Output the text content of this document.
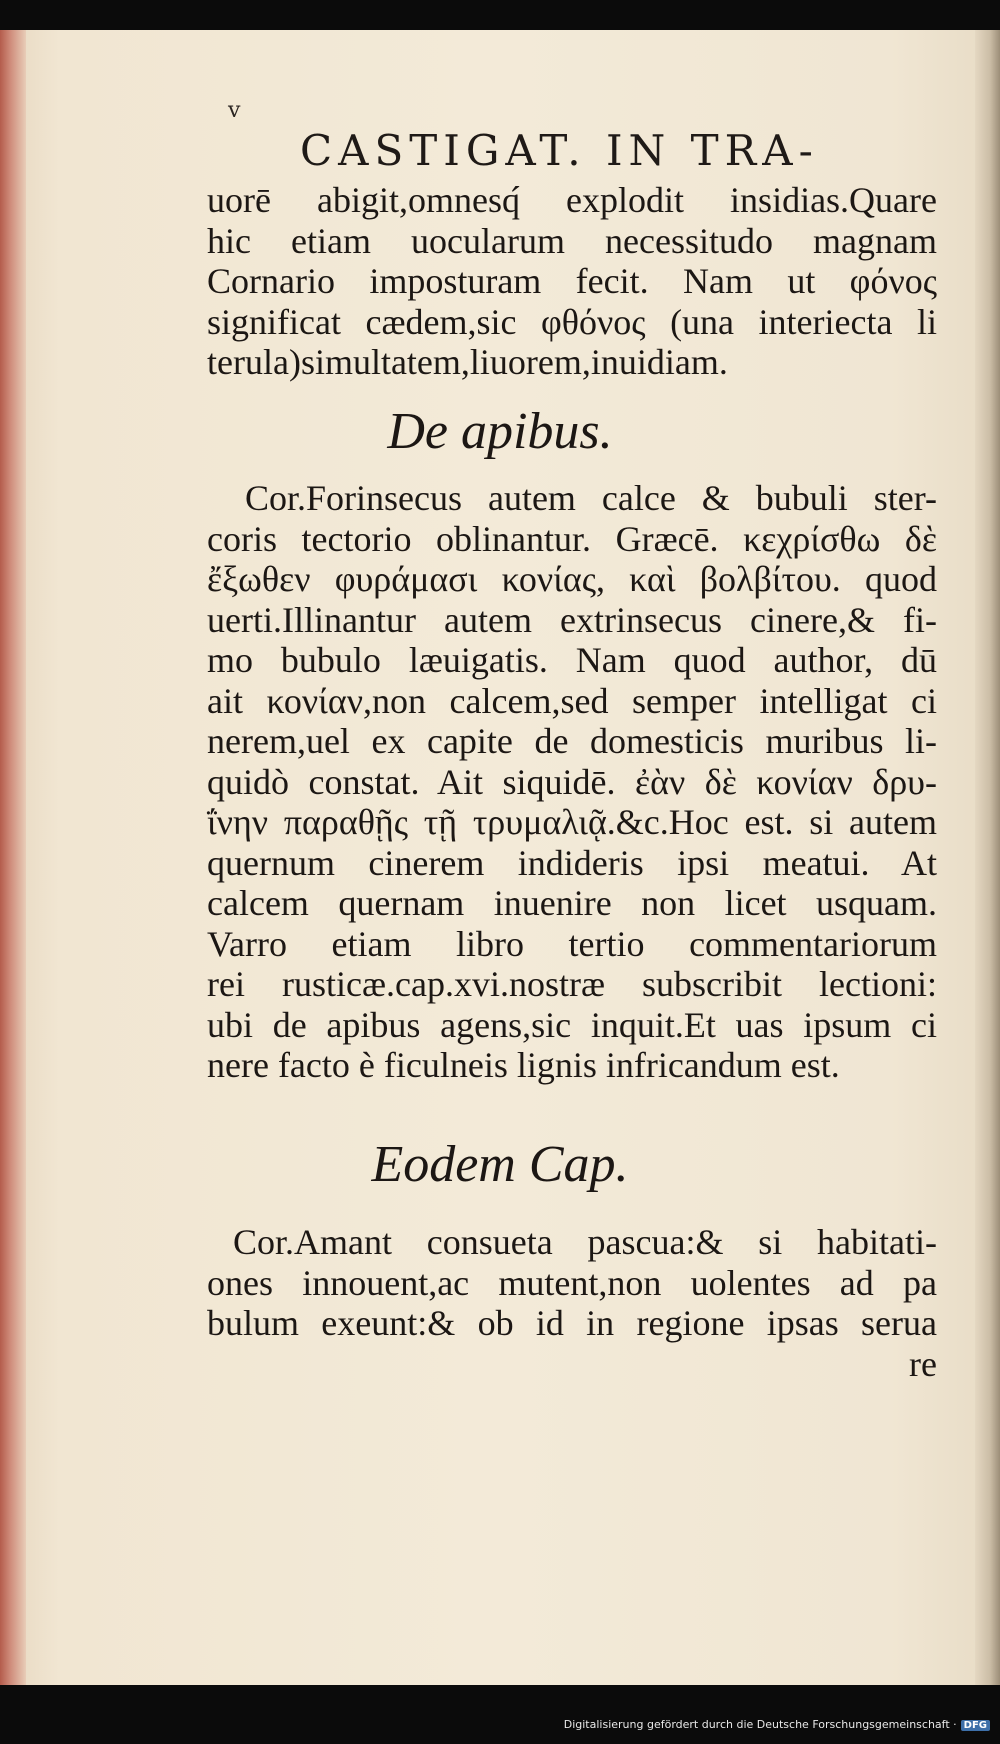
v
CASTIGAT. IN TRA-
uorē abigit,omnesq́ explodit insidias.Quare
hic etiam uocularum necessitudo magnam
Cornario imposturam fecit. Nam ut φόνος
significat cædem,sic φθόνος (una interiecta li
terula)simultatem,liuorem,inuidiam.
De apibus.
Cor.Forinsecus autem calce & bubuli ster-
coris tectorio oblinantur. Græcē. κεχρίσθω δὲ
ἔξωθεν φυράμασι κονίας, καὶ βολβίτου. quod
uerti.Illinantur autem extrinsecus cinere,& fi-
mo bubulo læuigatis. Nam quod author, dū
ait κονίαν,non calcem,sed semper intelligat ci
nerem,uel ex capite de domesticis muribus li-
quidò constat. Ait siquidē. ἐὰν δὲ κονίαν δρυ-
ΐνην παραθῇς τῇ τρυμαλιᾷ.&c.Hoc est. si autem
quernum cinerem indideris ipsi meatui. At
calcem quernam inuenire non licet usquam.
Varro etiam libro tertio commentariorum
rei rusticæ.cap.xvi.nostræ subscribit lectioni:
ubi de apibus agens,sic inquit.Et uas ipsum ci
nere facto è ficulneis lignis infricandum est.
Eodem Cap.
Cor.Amant consueta pascua:& si habitati-
ones innouent,ac mutent,non uolentes ad pa
bulum exeunt:& ob id in regione ipsas serua
re
Digitalisierung gefördert durch die Deutsche Forschungsgemeinschaft · DFG
